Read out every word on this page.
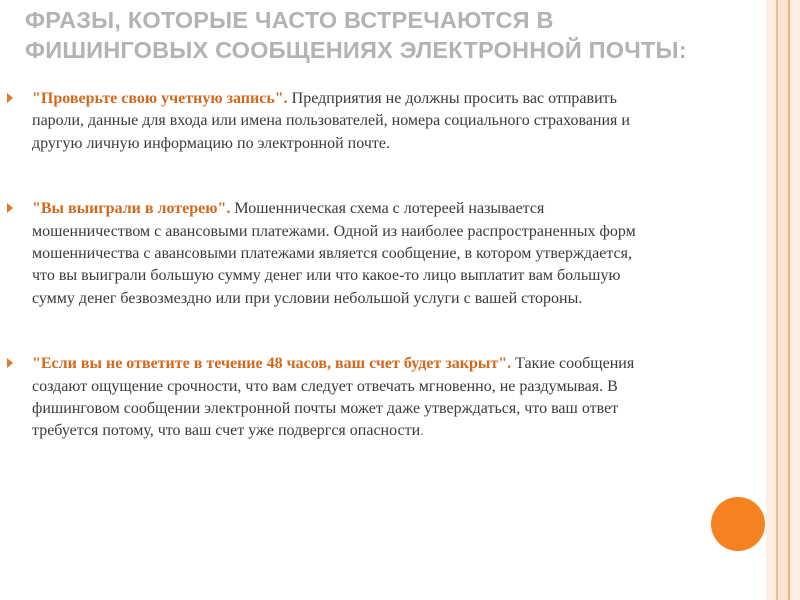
ФРАЗЫ, КОТОРЫЕ ЧАСТО ВСТРЕЧАЮТСЯ В
ФИШИНГОВЫХ СООБЩЕНИЯХ ЭЛЕКТРОННОЙ ПОЧТЫ:
"Проверьте свою учетную запись". Предприятия не должны просить вас отправить
пароли, данные для входа или имена пользователей, номера социального страхования и
другую личную информацию по электронной почте.
"Вы выиграли в лотерею". Мошенническая схема с лотереей называется
мошенничеством с авансовыми платежами. Одной из наиболее распространенных форм
мошенничества с авансовыми платежами является сообщение, в котором утверждается,
что вы выиграли большую сумму денег или что какое-то лицо выплатит вам большую
сумму денег безвозмездно или при условии небольшой услуги с вашей стороны.
"Если вы не ответите в течение 48 часов, ваш счет будет закрыт". Такие сообщения
создают ощущение срочности, что вам следует отвечать мгновенно, не раздумывая. В
фишинговом сообщении электронной почты может даже утверждаться, что ваш ответ
требуется потому, что ваш счет уже подвергся опасности.
